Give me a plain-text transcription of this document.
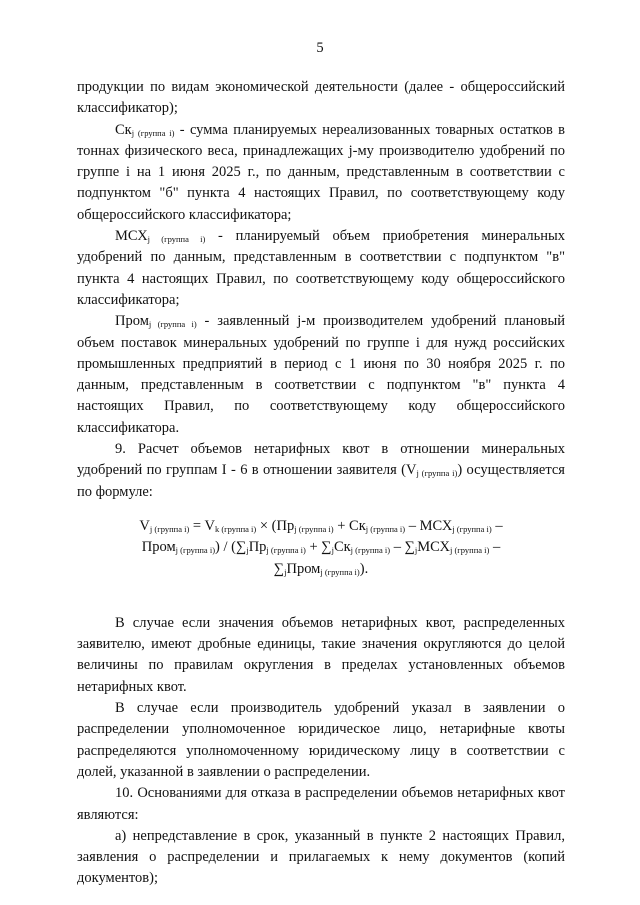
5

продукции по видам экономической деятельности (далее - общероссийский классификатор);

$Ск_{j (группа i)}$ - сумма планируемых нереализованных товарных остатков в тоннах физического веса, принадлежащих j-му производителю удобрений по группе i на 1 июня 2025 г., по данным, представленным в соответствии с подпунктом "б" пункта 4 настоящих Правил, по соответствующему коду общероссийского классификатора;

$МСХ_{j (группа i)}$ - планируемый объем приобретения минеральных удобрений по данным, представленным в соответствии с подпунктом "в" пункта 4 настоящих Правил, по соответствующему коду общероссийского классификатора;

Пром$_{j (группа i)}$ - заявленный j-м производителем удобрений плановый объем поставок минеральных удобрений по группе i для нужд российских промышленных предприятий в период с 1 июня по 30 ноября 2025 г. по данным, представленным в соответствии с подпунктом "в" пункта 4 настоящих Правил, по соответствующему коду общероссийского классификатора.

9. Расчет объемов нетарифных квот в отношении минеральных удобрений по группам I - 6 в отношении заявителя $(V_{j (группа i)})$ осуществляется по формуле:

$V_{j (группа i)} = V_{k (группа i)} \times (Пр_{j (группа i)} + Ск_{j (группа i)} - МСХ_{j (группа i)}$ –

Пром$_{j (группа i)}$) / ($\sum_jПр_{j (группа i)} + \sum_jСк_{j (группа i)} - \sum_jМСХ_{j (группа i)}$ –

$\sum_jПром_{j (группа i)}$).

В случае если значения объемов нетарифных квот, распределенных заявителю, имеют дробные единицы, такие значения округляются до целой величины по правилам округления в пределах установленных объемов нетарифных квот.

В случае если производитель удобрений указал в заявлении о распределении уполномоченное юридическое лицо, нетарифные квоты распределяются уполномоченному юридическому лицу в соответствии с долей, указанной в заявлении о распределении.

10. Основаниями для отказа в распределении объемов нетарифных квот являются:

а) непредставление в срок, указанный в пункте 2 настоящих Правил, заявления о распределении и прилагаемых к нему документов (копий документов);
